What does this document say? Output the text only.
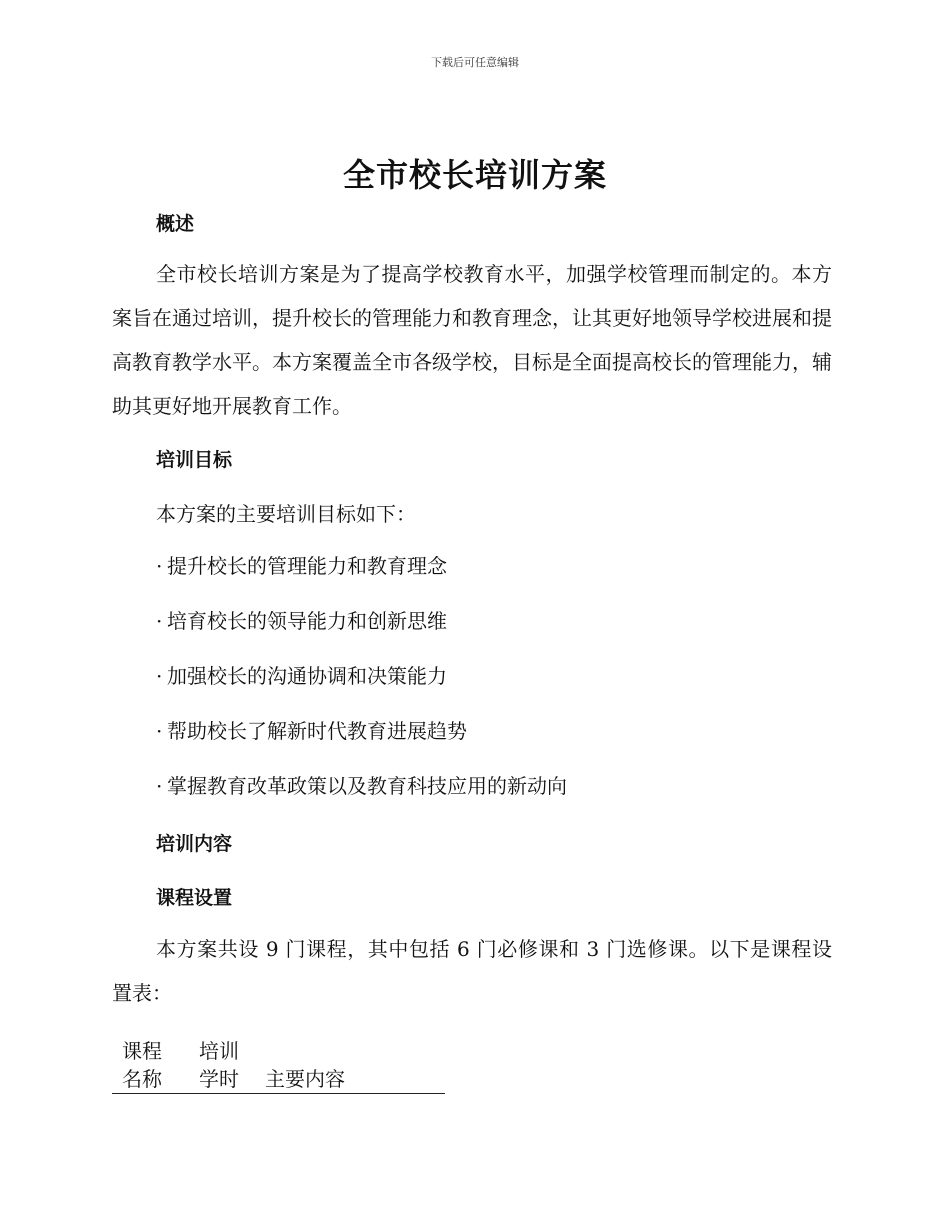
下载后可任意编辑
全市校长培训方案
概述

全市校长培训方案是为了提高学校教育水平，加强学校管理而制定的。本方案旨在通过培训，提升校长的管理能力和教育理念，让其更好地领导学校进展和提高教育教学水平。本方案覆盖全市各级学校，目标是全面提高校长的管理能力，辅助其更好地开展教育工作。

培训目标

本方案的主要培训目标如下：

· 提升校长的管理能力和教育理念
· 培育校长的领导能力和创新思维
· 加强校长的沟通协调和决策能力
· 帮助校长了解新时代教育进展趋势
· 掌握教育改革政策以及教育科技应用的新动向
培训内容
课程设置

本方案共设 9 门课程，其中包括 6 门必修课和 3 门选修课。以下是课程设置表：

课程
名称
培训
学时	主要内容
